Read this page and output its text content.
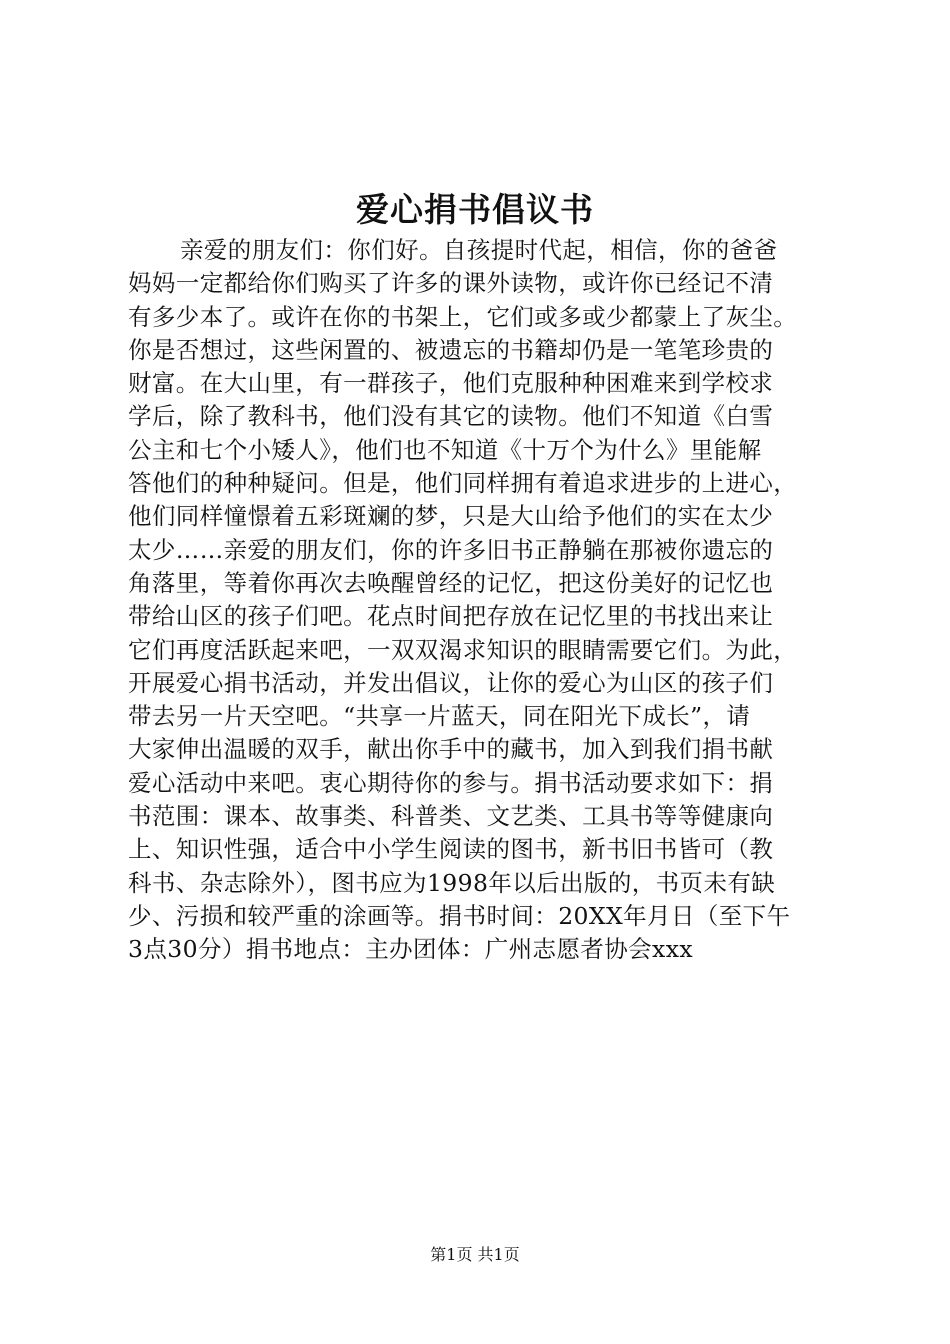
爱心捐书倡议书
亲爱的朋友们：你们好。自孩提时代起，相信，你的爸爸
妈妈一定都给你们购买了许多的课外读物，或许你已经记不清
有多少本了。或许在你的书架上，它们或多或少都蒙上了灰尘。
你是否想过，这些闲置的、被遗忘的书籍却仍是一笔笔珍贵的
财富。在大山里，有一群孩子，他们克服种种困难来到学校求
学后，除了教科书，他们没有其它的读物。他们不知道《白雪
公主和七个小矮人》，他们也不知道《十万个为什么》里能解
答他们的种种疑问。但是，他们同样拥有着追求进步的上进心，
他们同样憧憬着五彩斑斓的梦，只是大山给予他们的实在太少
太少……亲爱的朋友们，你的许多旧书正静躺在那被你遗忘的
角落里，等着你再次去唤醒曾经的记忆，把这份美好的记忆也
带给山区的孩子们吧。花点时间把存放在记忆里的书找出来让
它们再度活跃起来吧，一双双渴求知识的眼睛需要它们。为此，
开展爱心捐书活动，并发出倡议，让你的爱心为山区的孩子们
带去另一片天空吧。“共享一片蓝天，同在阳光下成长”，请
大家伸出温暖的双手，献出你手中的藏书，加入到我们捐书献
爱心活动中来吧。衷心期待你的参与。捐书活动要求如下：捐
书范围：课本、故事类、科普类、文艺类、工具书等等健康向
上、知识性强，适合中小学生阅读的图书，新书旧书皆可（教
科书、杂志除外），图书应为1998年以后出版的，书页未有缺
少、污损和较严重的涂画等。捐书时间：20XX年月日（至下午
3点30分）捐书地点：主办团体：广州志愿者协会xxx
第1页 共1页
